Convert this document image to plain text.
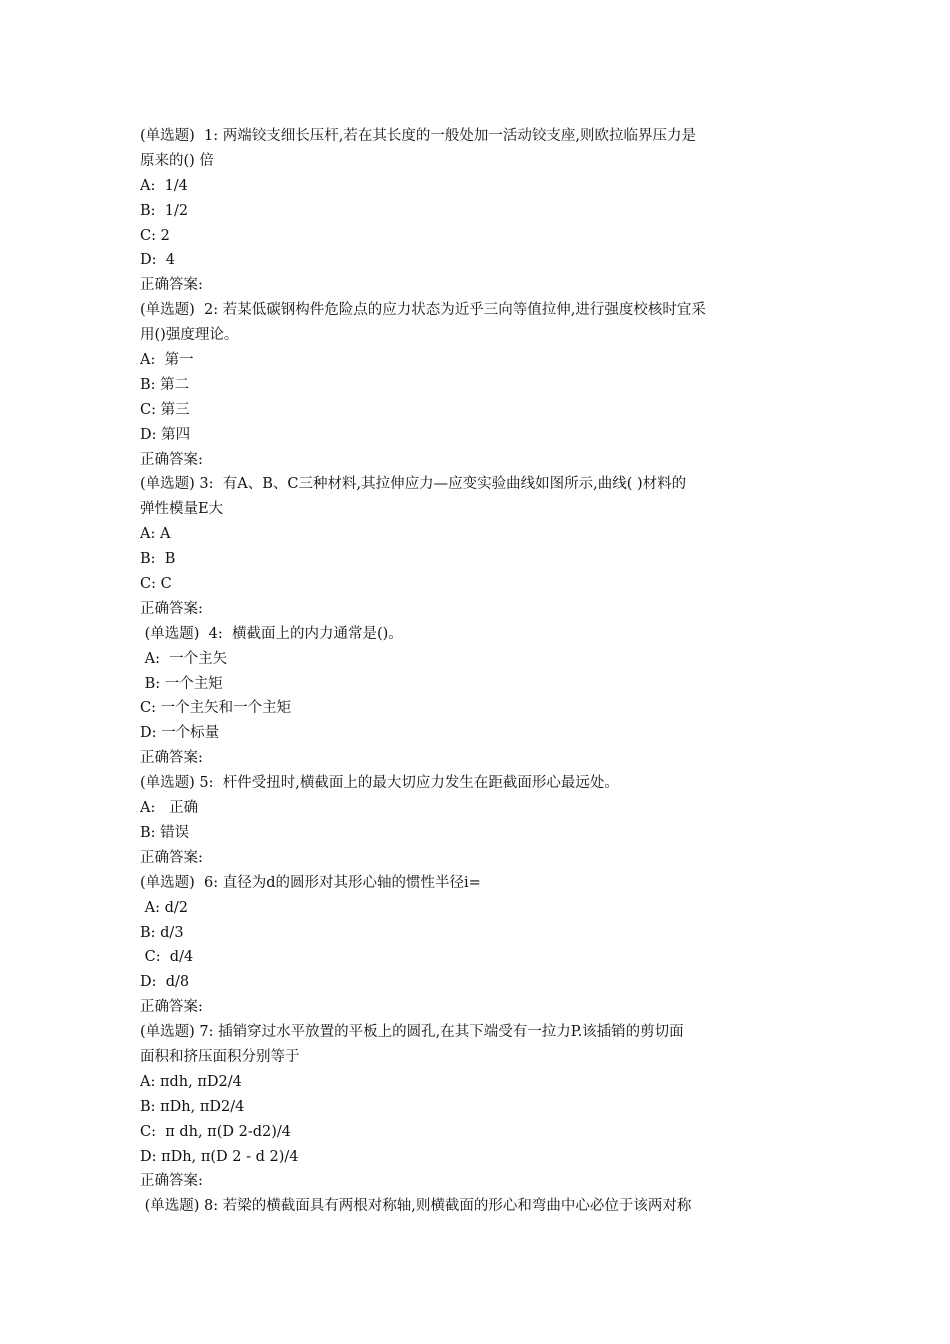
(单选题)  1: 两端铰支细长压杆,若在其长度的一般处加一活动铰支座,则欧拉临界压力是
原来的() 倍
A:  1/4
B:  1/2
C: 2
D:  4
正确答案:
(单选题)  2: 若某低碳钢构件危险点的应力状态为近乎三向等值拉伸,进行强度校核时宜采
用()强度理论。
A:  第一
B: 第二
C: 第三
D: 第四
正确答案:
(单选题) 3:  有A、B、C三种材料,其拉伸应力—应变实验曲线如图所示,曲线( )材料的
弹性模量E大
A: A
B:  B
C: C
正确答案:
(单选题)  4:  横截面上的内力通常是()。
A:  一个主矢
B: 一个主矩
C: 一个主矢和一个主矩
D: 一个标量
正确答案:
(单选题) 5:  杆件受扭时,横截面上的最大切应力发生在距截面形心最远处。
A:   正确
B: 错误
正确答案:
(单选题)  6: 直径为d的圆形对其形心轴的惯性半径i=
A: d/2
B: d/3
C:  d/4
D:  d/8
正确答案:
(单选题) 7: 插销穿过水平放置的平板上的圆孔,在其下端受有一拉力P.该插销的剪切面
面积和挤压面积分别等于
A: πdh, πD2/4
B: πDh, πD2/4
C:  π dh, π(D 2-d2)/4
D: πDh, π(D 2 - d 2)/4
正确答案:
(单选题) 8: 若梁的横截面具有两根对称轴,则横截面的形心和弯曲中心必位于该两对称
